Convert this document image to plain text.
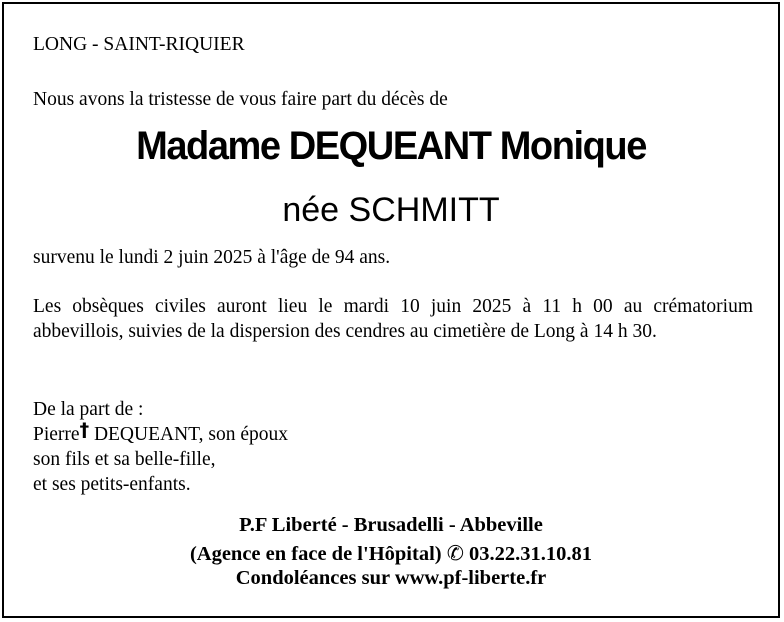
LONG - SAINT-RIQUIER
Nous avons la tristesse de vous faire part du décès de
Madame DEQUEANT Monique
née SCHMITT
survenu le lundi 2 juin 2025 à l'âge de 94 ans.
Les obsèques civiles auront lieu le mardi 10 juin 2025 à 11 h 00 au crématorium abbevillois, suivies de la dispersion des cendres au cimetière de Long à 14 h 30.
De la part de :
Pierre† DEQUEANT, son époux
son fils et sa belle-fille,
et ses petits-enfants.
P.F Liberté - Brusadelli - Abbeville
(Agence en face de l'Hôpital) ✆ 03.22.31.10.81
Condoléances sur www.pf-liberte.fr
